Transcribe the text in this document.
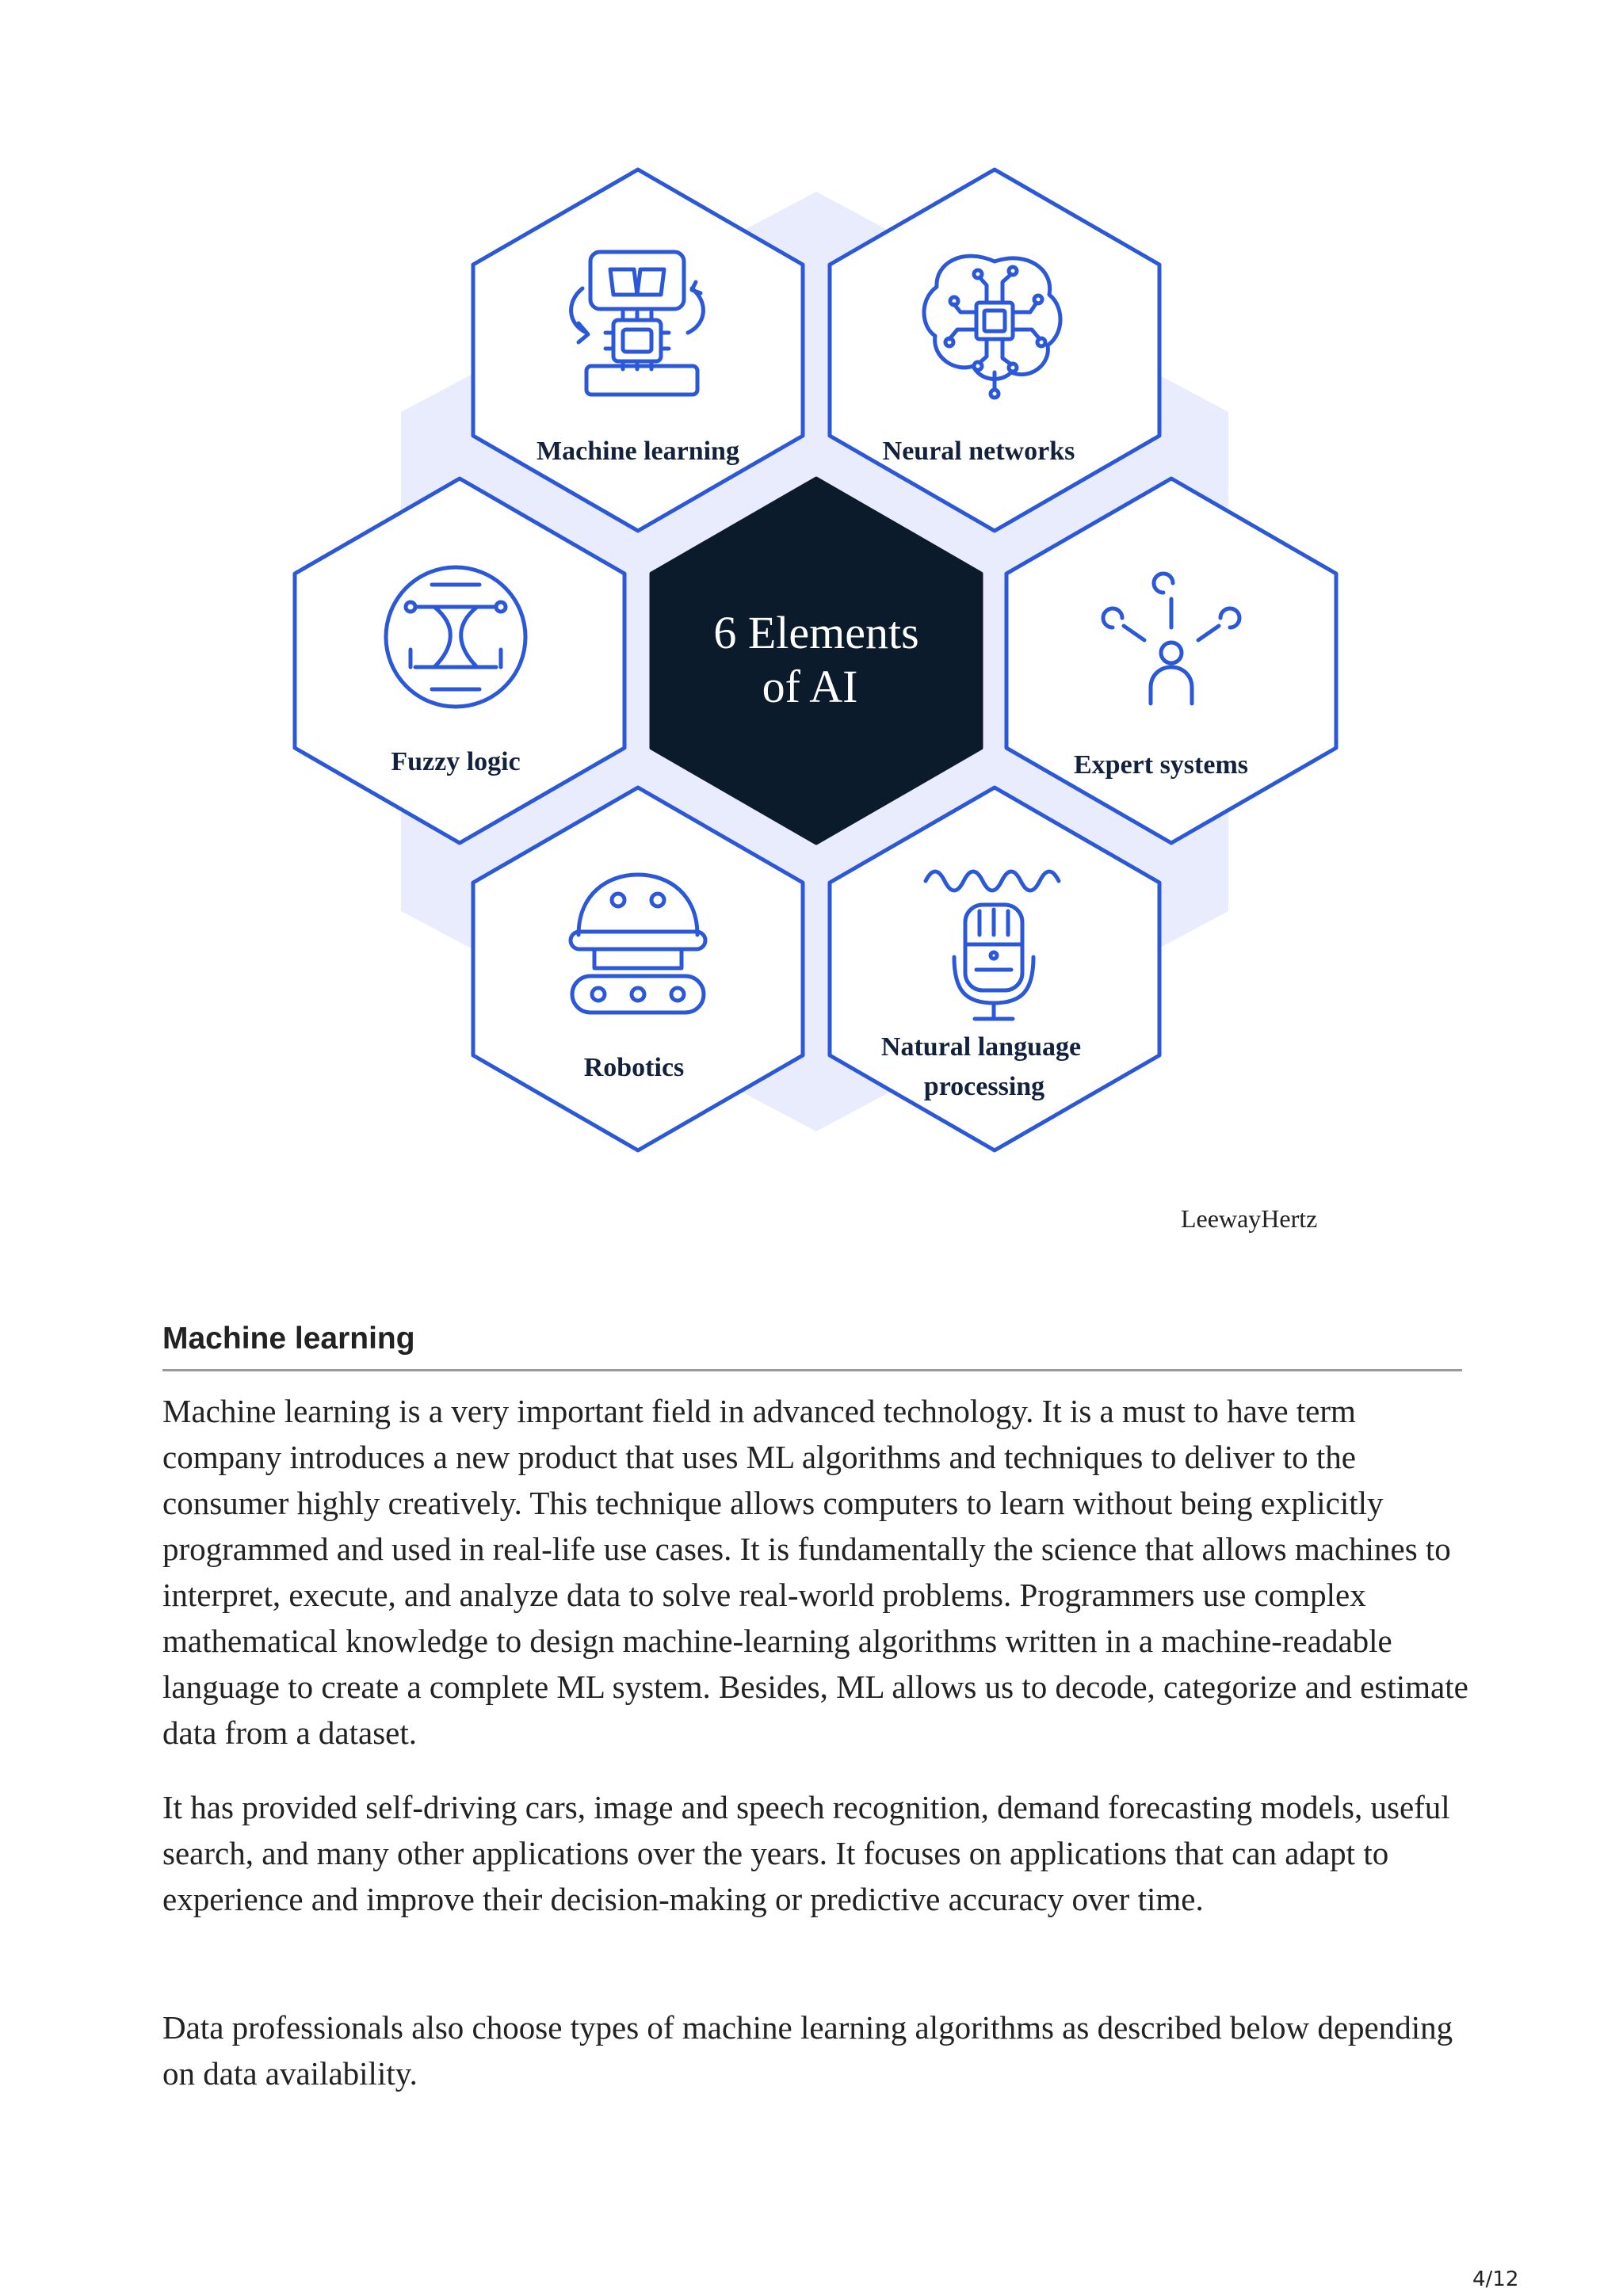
Machine learning	Neural networks
Fuzzy logic
6 Elements
of AI
Expert systems
Robotics
Natural language
processing
LeewayHertz
Machine learning

Machine learning is a very important field in advanced technology. It is a must to have term company introduces a new product that uses ML algorithms and techniques to deliver to the consumer highly creatively. This technique allows computers to learn without being explicitly programmed and used in real-life use cases. It is fundamentally the science that allows machines to interpret, execute, and analyze data to solve real-world problems. Programmers use complex mathematical knowledge to design machine-learning algorithms written in a machine-readable language to create a complete ML system. Besides, ML allows us to decode, categorize and estimate data from a dataset.

It has provided self-driving cars, image and speech recognition, demand forecasting models, useful search, and many other applications over the years. It focuses on applications that can adapt to experience and improve their decision-making or predictive accuracy over time.

Data professionals also choose types of machine learning algorithms as described below depending on data availability.

4/12
